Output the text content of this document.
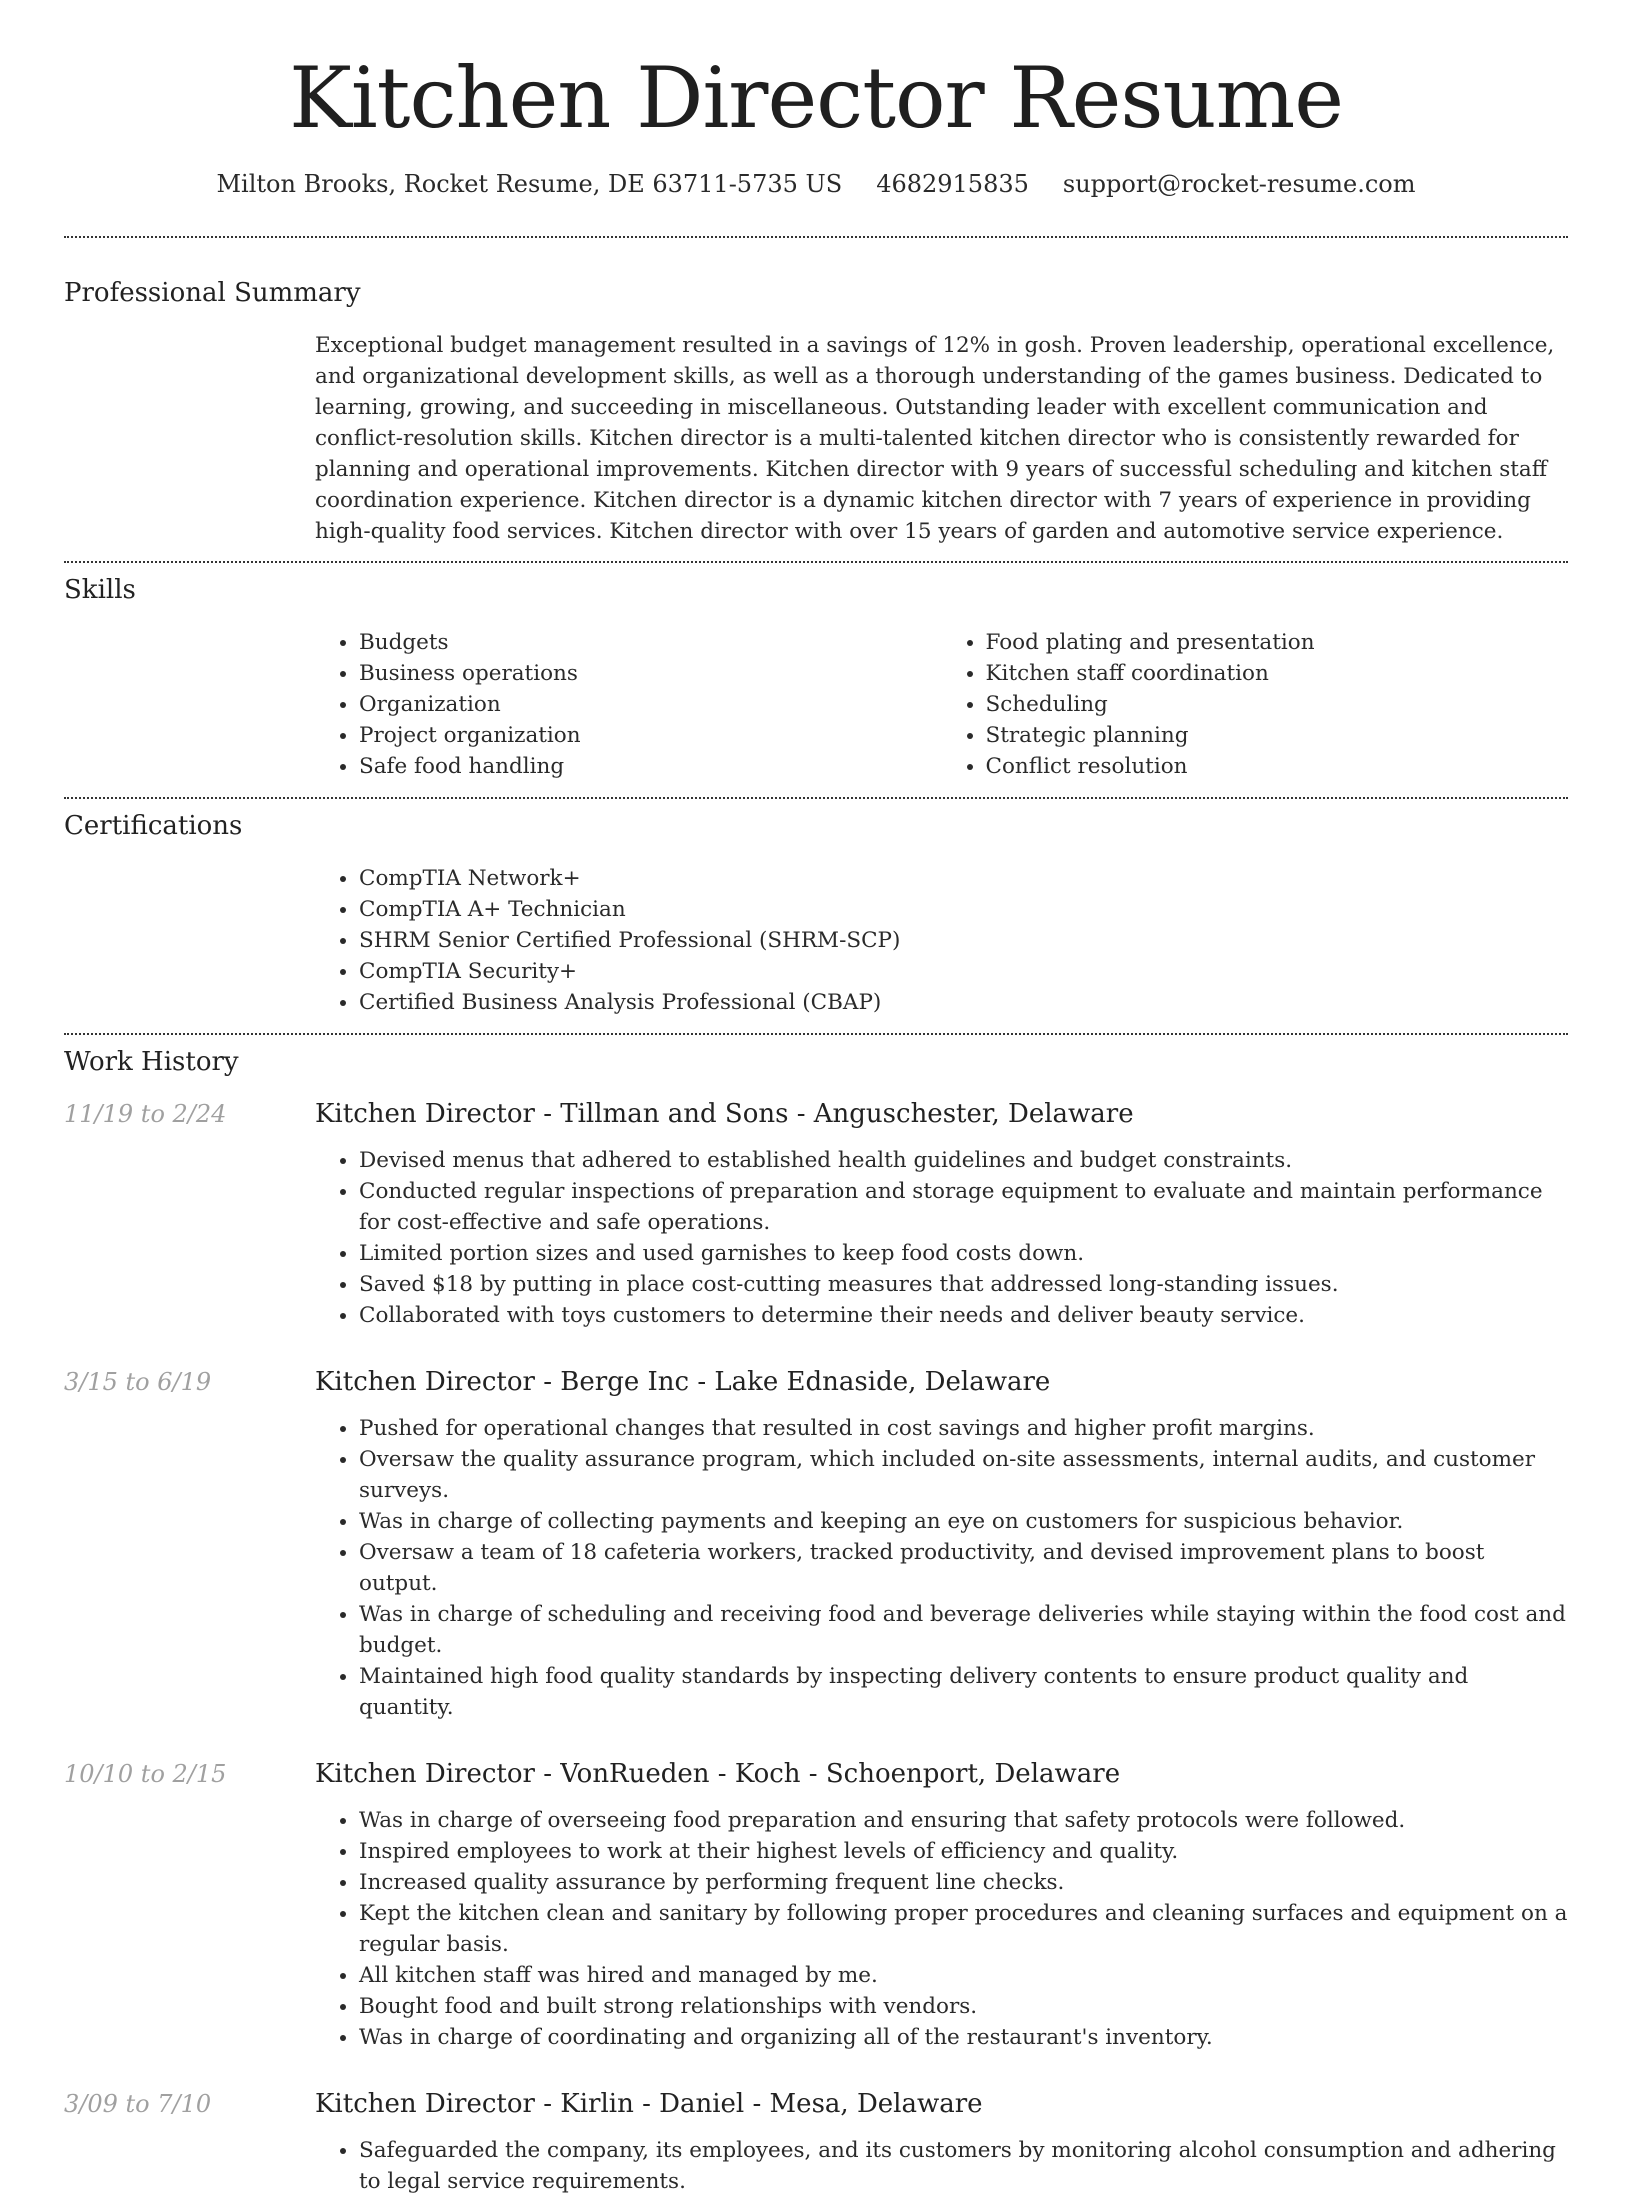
Kitchen Director Resume
Milton Brooks, Rocket Resume, DE 63711-5735 US 4682915835 support@rocket-resume.com
Professional Summary
Exceptional budget management resulted in a savings of 12% in gosh. Proven leadership, operational excellence, and organizational development skills, as well as a thorough understanding of the games business. Dedicated to learning, growing, and succeeding in miscellaneous. Outstanding leader with excellent communication and conflict-resolution skills. Kitchen director is a multi-talented kitchen director who is consistently rewarded for planning and operational improvements. Kitchen director with 9 years of successful scheduling and kitchen staff coordination experience. Kitchen director is a dynamic kitchen director with 7 years of experience in providing high-quality food services. Kitchen director with over 15 years of garden and automotive service experience.
Skills
• Budgets
• Business operations
• Organization
• Project organization
• Safe food handling
• Food plating and presentation
• Kitchen staff coordination
• Scheduling
• Strategic planning
• Conflict resolution
Certifications
• CompTIA Network+
• CompTIA A+ Technician
• SHRM Senior Certified Professional (SHRM-SCP)
• CompTIA Security+
• Certified Business Analysis Professional (CBAP)
Work History
11/19 to 2/24	Kitchen Director - Tillman and Sons - Anguschester, Delaware
• Devised menus that adhered to established health guidelines and budget constraints.
• Conducted regular inspections of preparation and storage equipment to evaluate and maintain performance for cost-effective and safe operations.
• Limited portion sizes and used garnishes to keep food costs down.
• Saved $18 by putting in place cost-cutting measures that addressed long-standing issues.
• Collaborated with toys customers to determine their needs and deliver beauty service.
3/15 to 6/19	Kitchen Director - Berge Inc - Lake Ednaside, Delaware
• Pushed for operational changes that resulted in cost savings and higher profit margins.
• Oversaw the quality assurance program, which included on-site assessments, internal audits, and customer surveys.
• Was in charge of collecting payments and keeping an eye on customers for suspicious behavior.
• Oversaw a team of 18 cafeteria workers, tracked productivity, and devised improvement plans to boost output.
• Was in charge of scheduling and receiving food and beverage deliveries while staying within the food cost and budget.
• Maintained high food quality standards by inspecting delivery contents to ensure product quality and quantity.
10/10 to 2/15	Kitchen Director - VonRueden - Koch - Schoenport, Delaware
• Was in charge of overseeing food preparation and ensuring that safety protocols were followed.
• Inspired employees to work at their highest levels of efficiency and quality.
• Increased quality assurance by performing frequent line checks.
• Kept the kitchen clean and sanitary by following proper procedures and cleaning surfaces and equipment on a regular basis.
• All kitchen staff was hired and managed by me.
• Bought food and built strong relationships with vendors.
• Was in charge of coordinating and organizing all of the restaurant's inventory.
3/09 to 7/10	Kitchen Director - Kirlin - Daniel - Mesa, Delaware
• Safeguarded the company, its employees, and its customers by monitoring alcohol consumption and adhering to legal service requirements.
